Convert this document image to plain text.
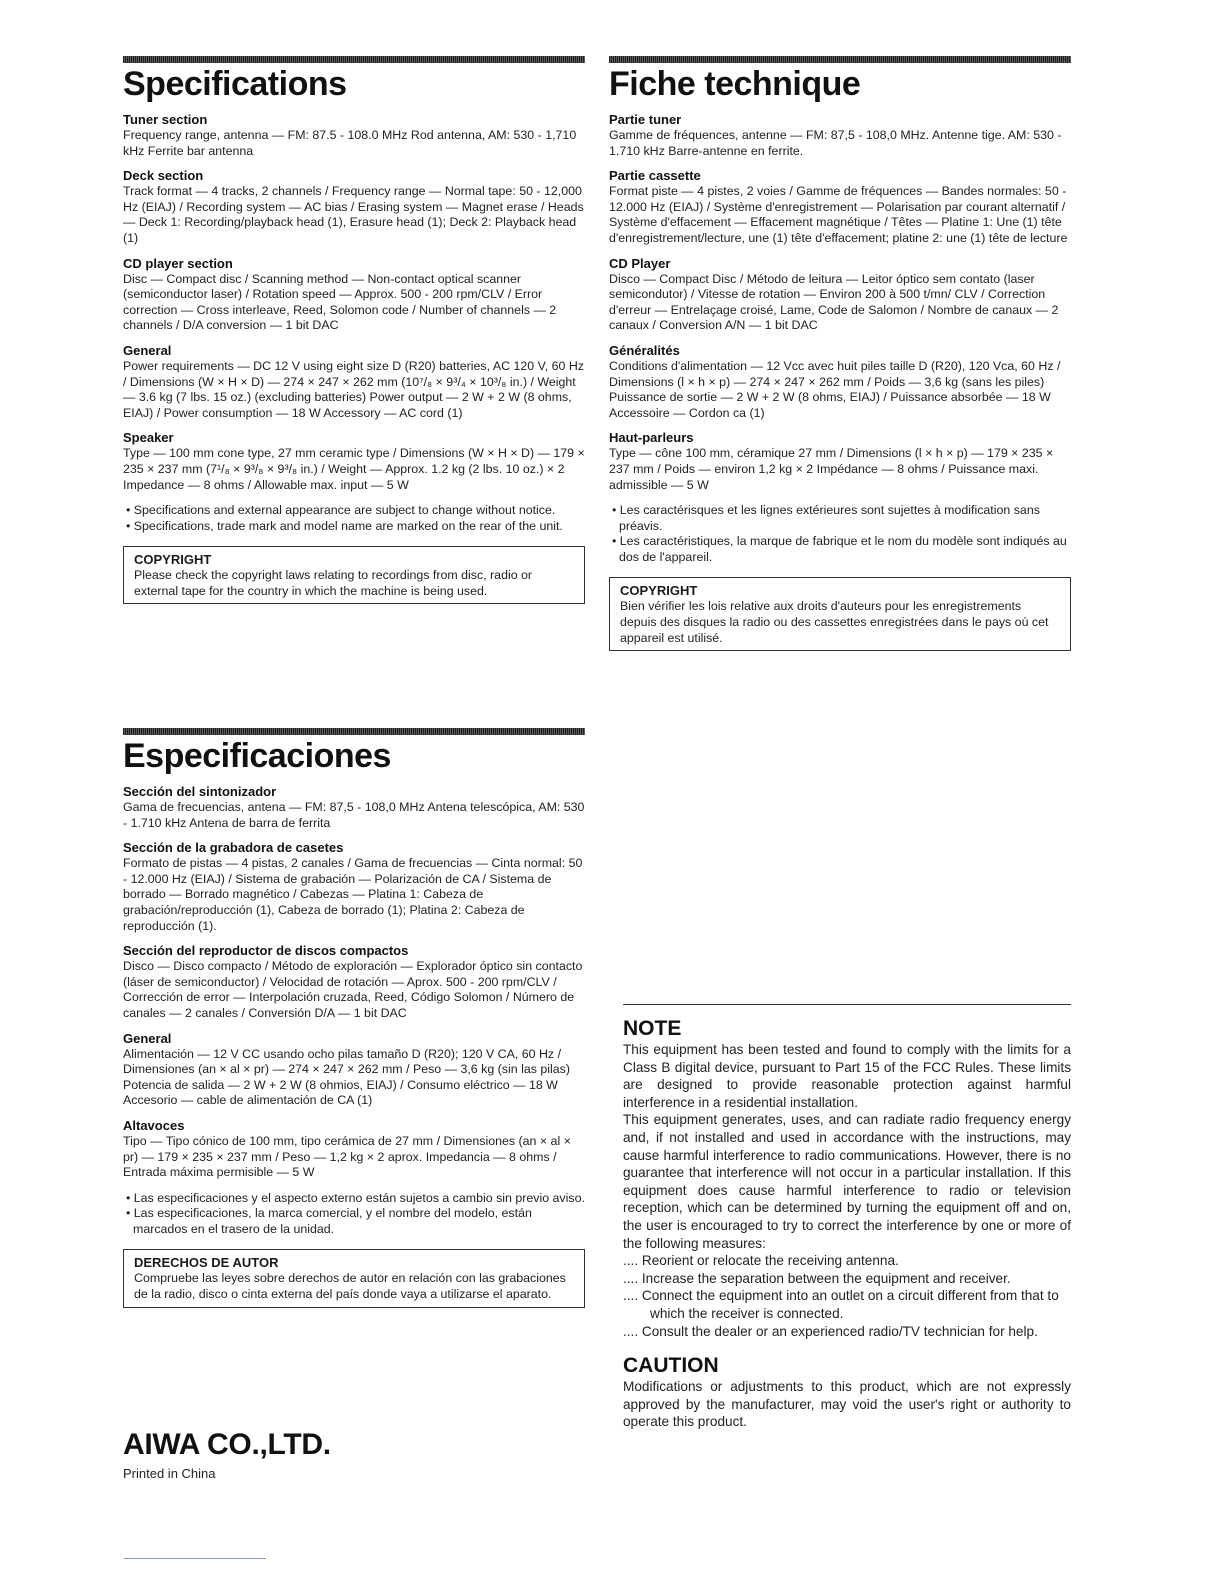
Specifications
Tuner section
Frequency range, antenna — FM: 87.5 - 108.0 MHz Rod antenna, AM: 530 - 1,710 kHz Ferrite bar antenna
Deck section
Track format — 4 tracks, 2 channels / Frequency range — Normal tape: 50 - 12,000 Hz (EIAJ) / Recording system — AC bias / Erasing system — Magnet erase / Heads — Deck 1: Recording/playback head (1), Erasure head (1); Deck 2: Playback head (1)
CD player section
Disc — Compact disc / Scanning method — Non-contact optical scanner (semiconductor laser) / Rotation speed — Approx. 500 - 200 rpm/CLV / Error correction — Cross interleave, Reed, Solomon code / Number of channels — 2 channels / D/A conversion — 1 bit DAC
General
Power requirements — DC 12 V using eight size D (R20) batteries, AC 120 V, 60 Hz / Dimensions (W × H × D) — 274 × 247 × 262 mm (10⁷/₈ × 9³/₄ × 10³/₈ in.) / Weight — 3.6 kg (7 lbs. 15 oz.) (excluding batteries) Power output — 2 W + 2 W (8 ohms, EIAJ) / Power consumption — 18 W Accessory — AC cord (1)
Speaker
Type — 100 mm cone type, 27 mm ceramic type / Dimensions (W × H × D) — 179 × 235 × 237 mm (7¹/₈ × 9³/₈ × 9³/₈ in.) / Weight — Approx. 1.2 kg (2 lbs. 10 oz.) × 2 Impedance — 8 ohms / Allowable max. input — 5 W
• Specifications and external appearance are subject to change without notice.
• Specifications, trade mark and model name are marked on the rear of the unit.
COPYRIGHT
Please check the copyright laws relating to recordings from disc, radio or external tape for the country in which the machine is being used.
Fiche technique
Partie tuner
Gamme de fréquences, antenne — FM: 87,5 - 108,0 MHz. Antenne tige. AM: 530 - 1.710 kHz Barre-antenne en ferrite.
Partie cassette
Format piste — 4 pistes, 2 voies / Gamme de fréquences — Bandes normales: 50 - 12.000 Hz (EIAJ) / Système d'enregistrement — Polarisation par courant alternatif / Système d'effacement — Effacement magnétique / Têtes — Platine 1: Une (1) tête d'enregistrement/lecture, une (1) tête d'effacement; platine 2: une (1) tête de lecture
CD Player
Disco — Compact Disc / Método de leitura — Leitor óptico sem contato (laser semicondutor) / Vitesse de rotation — Environ 200 à 500 t/mn/ CLV / Correction d'erreur — Entrelaçage croisé, Lame, Code de Salomon / Nombre de canaux — 2 canaux / Conversion A/N — 1 bit DAC
Généralités
Conditions d'alimentation — 12 Vcc avec huit piles taille D (R20), 120 Vca, 60 Hz / Dimensions (l × h × p) — 274 × 247 × 262 mm / Poids — 3,6 kg (sans les piles) Puissance de sortie — 2 W + 2 W (8 ohms, EIAJ) / Puissance absorbée — 18 W Accessoire — Cordon ca (1)
Haut-parleurs
Type — cône 100 mm, céramique 27 mm / Dimensions (l × h × p) — 179 × 235 × 237 mm / Poids — environ 1,2 kg × 2 Impédance — 8 ohms / Puissance maxi. admissible — 5 W
• Les caractérisques et les lignes extérieures sont sujettes à modification sans préavis.
• Les caractéristiques, la marque de fabrique et le nom du modèle sont indiqués au dos de l'appareil.
COPYRIGHT
Bien vérifier les lois relative aux droits d'auteurs pour les enregistrements depuis des disques la radio ou des cassettes enregistrées dans le pays où cet appareil est utilisé.
Especificaciones
Sección del sintonizador
Gama de frecuencias, antena — FM: 87,5 - 108,0 MHz Antena telescópica, AM: 530 - 1.710 kHz Antena de barra de ferrita
Sección de la grabadora de casetes
Formato de pistas — 4 pistas, 2 canales / Gama de frecuencias — Cinta normal: 50 - 12.000 Hz (EIAJ) / Sistema de grabación — Polarización de CA / Sistema de borrado — Borrado magnético / Cabezas — Platina 1: Cabeza de grabación/reproducción (1), Cabeza de borrado (1); Platina 2: Cabeza de reproducción (1).
Sección del reproductor de discos compactos
Disco — Disco compacto / Método de exploración — Explorador óptico sin contacto (láser de semiconductor) / Velocidad de rotación — Aprox. 500 - 200 rpm/CLV / Corrección de error — Interpolación cruzada, Reed, Código Solomon / Número de canales — 2 canales / Conversión D/A — 1 bit DAC
General
Alimentación — 12 V CC usando ocho pilas tamaño D (R20); 120 V CA, 60 Hz / Dimensiones (an × al × pr) — 274 × 247 × 262 mm / Peso — 3,6 kg (sin las pilas) Potencia de salida — 2 W + 2 W (8 ohmios, EIAJ) / Consumo eléctrico — 18 W Accesorio — cable de alimentación de CA (1)
Altavoces
Tipo — Tipo cónico de 100 mm, tipo cerámica de 27 mm / Dimensiones (an × al × pr) — 179 × 235 × 237 mm / Peso — 1,2 kg × 2 aprox. Impedancia — 8 ohms / Entrada máxima permisible — 5 W
• Las especificaciones y el aspecto externo están sujetos a cambio sin previo aviso.
• Las especificaciones, la marca comercial, y el nombre del modelo, están marcados en el trasero de la unidad.
DERECHOS DE AUTOR
Compruebe las leyes sobre derechos de autor en relación con las grabaciones de la radio, disco o cinta externa del país donde vaya a utilizarse el aparato.
NOTE
This equipment has been tested and found to comply with the limits for a Class B digital device, pursuant to Part 15 of the FCC Rules. These limits are designed to provide reasonable protection against harmful interference in a residential installation.
This equipment generates, uses, and can radiate radio frequency energy and, if not installed and used in accordance with the instructions, may cause harmful interference to radio communications. However, there is no guarantee that interference will not occur in a particular installation. If this equipment does cause harmful interference to radio or television reception, which can be determined by turning the equipment off and on, the user is encouraged to try to correct the interference by one or more of the following measures:
.... Reorient or relocate the receiving antenna.
.... Increase the separation between the equipment and receiver.
.... Connect the equipment into an outlet on a circuit different from that to which the receiver is connected.
.... Consult the dealer or an experienced radio/TV technician for help.
CAUTION
Modifications or adjustments to this product, which are not expressly approved by the manufacturer, may void the user's right or authority to operate this product.
AIWA CO.,LTD.
Printed in China
